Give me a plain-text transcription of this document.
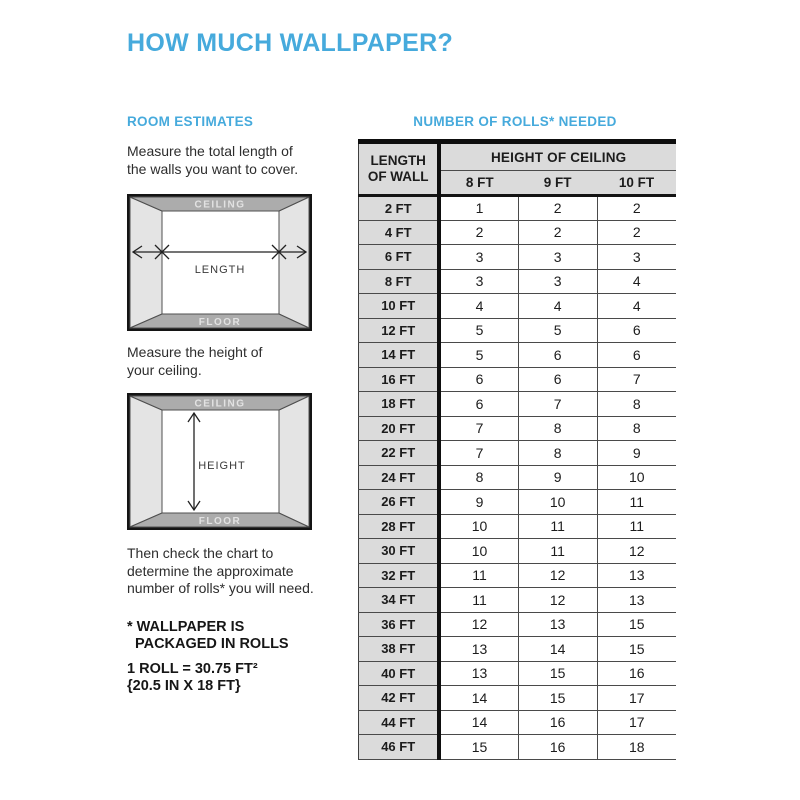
HOW MUCH WALLPAPER?
ROOM ESTIMATES
Measure the total length of
the walls you want to cover.
CEILING
FLOOR
LENGTH
Measure the height of
your ceiling.
CEILING
FLOOR
HEIGHT
Then check the chart to
determine the approximate
number of rolls* you will need.
* WALLPAPER IS
PACKAGED IN ROLLS
1 ROLL = 30.75 FT²
{20.5 IN X 18 FT}
NUMBER OF ROLLS* NEEDED
LENGTH OF WALL	HEIGHT OF CEILING		
	8 FT	9 FT	10 FT
2 FT	1	2	2
4 FT	2	2	2
6 FT	3	3	3
8 FT	3	3	4
10 FT	4	4	4
12 FT	5	5	6
14 FT	5	6	6
16 FT	6	6	7
18 FT	6	7	8
20 FT	7	8	8
22 FT	7	8	9
24 FT	8	9	10
26 FT	9	10	11
28 FT	10	11	11
30 FT	10	11	12
32 FT	11	12	13
34 FT	11	12	13
36 FT	12	13	15
38 FT	13	14	15
40 FT	13	15	16
42 FT	14	15	17
44 FT	14	16	17
46 FT	15	16	18
